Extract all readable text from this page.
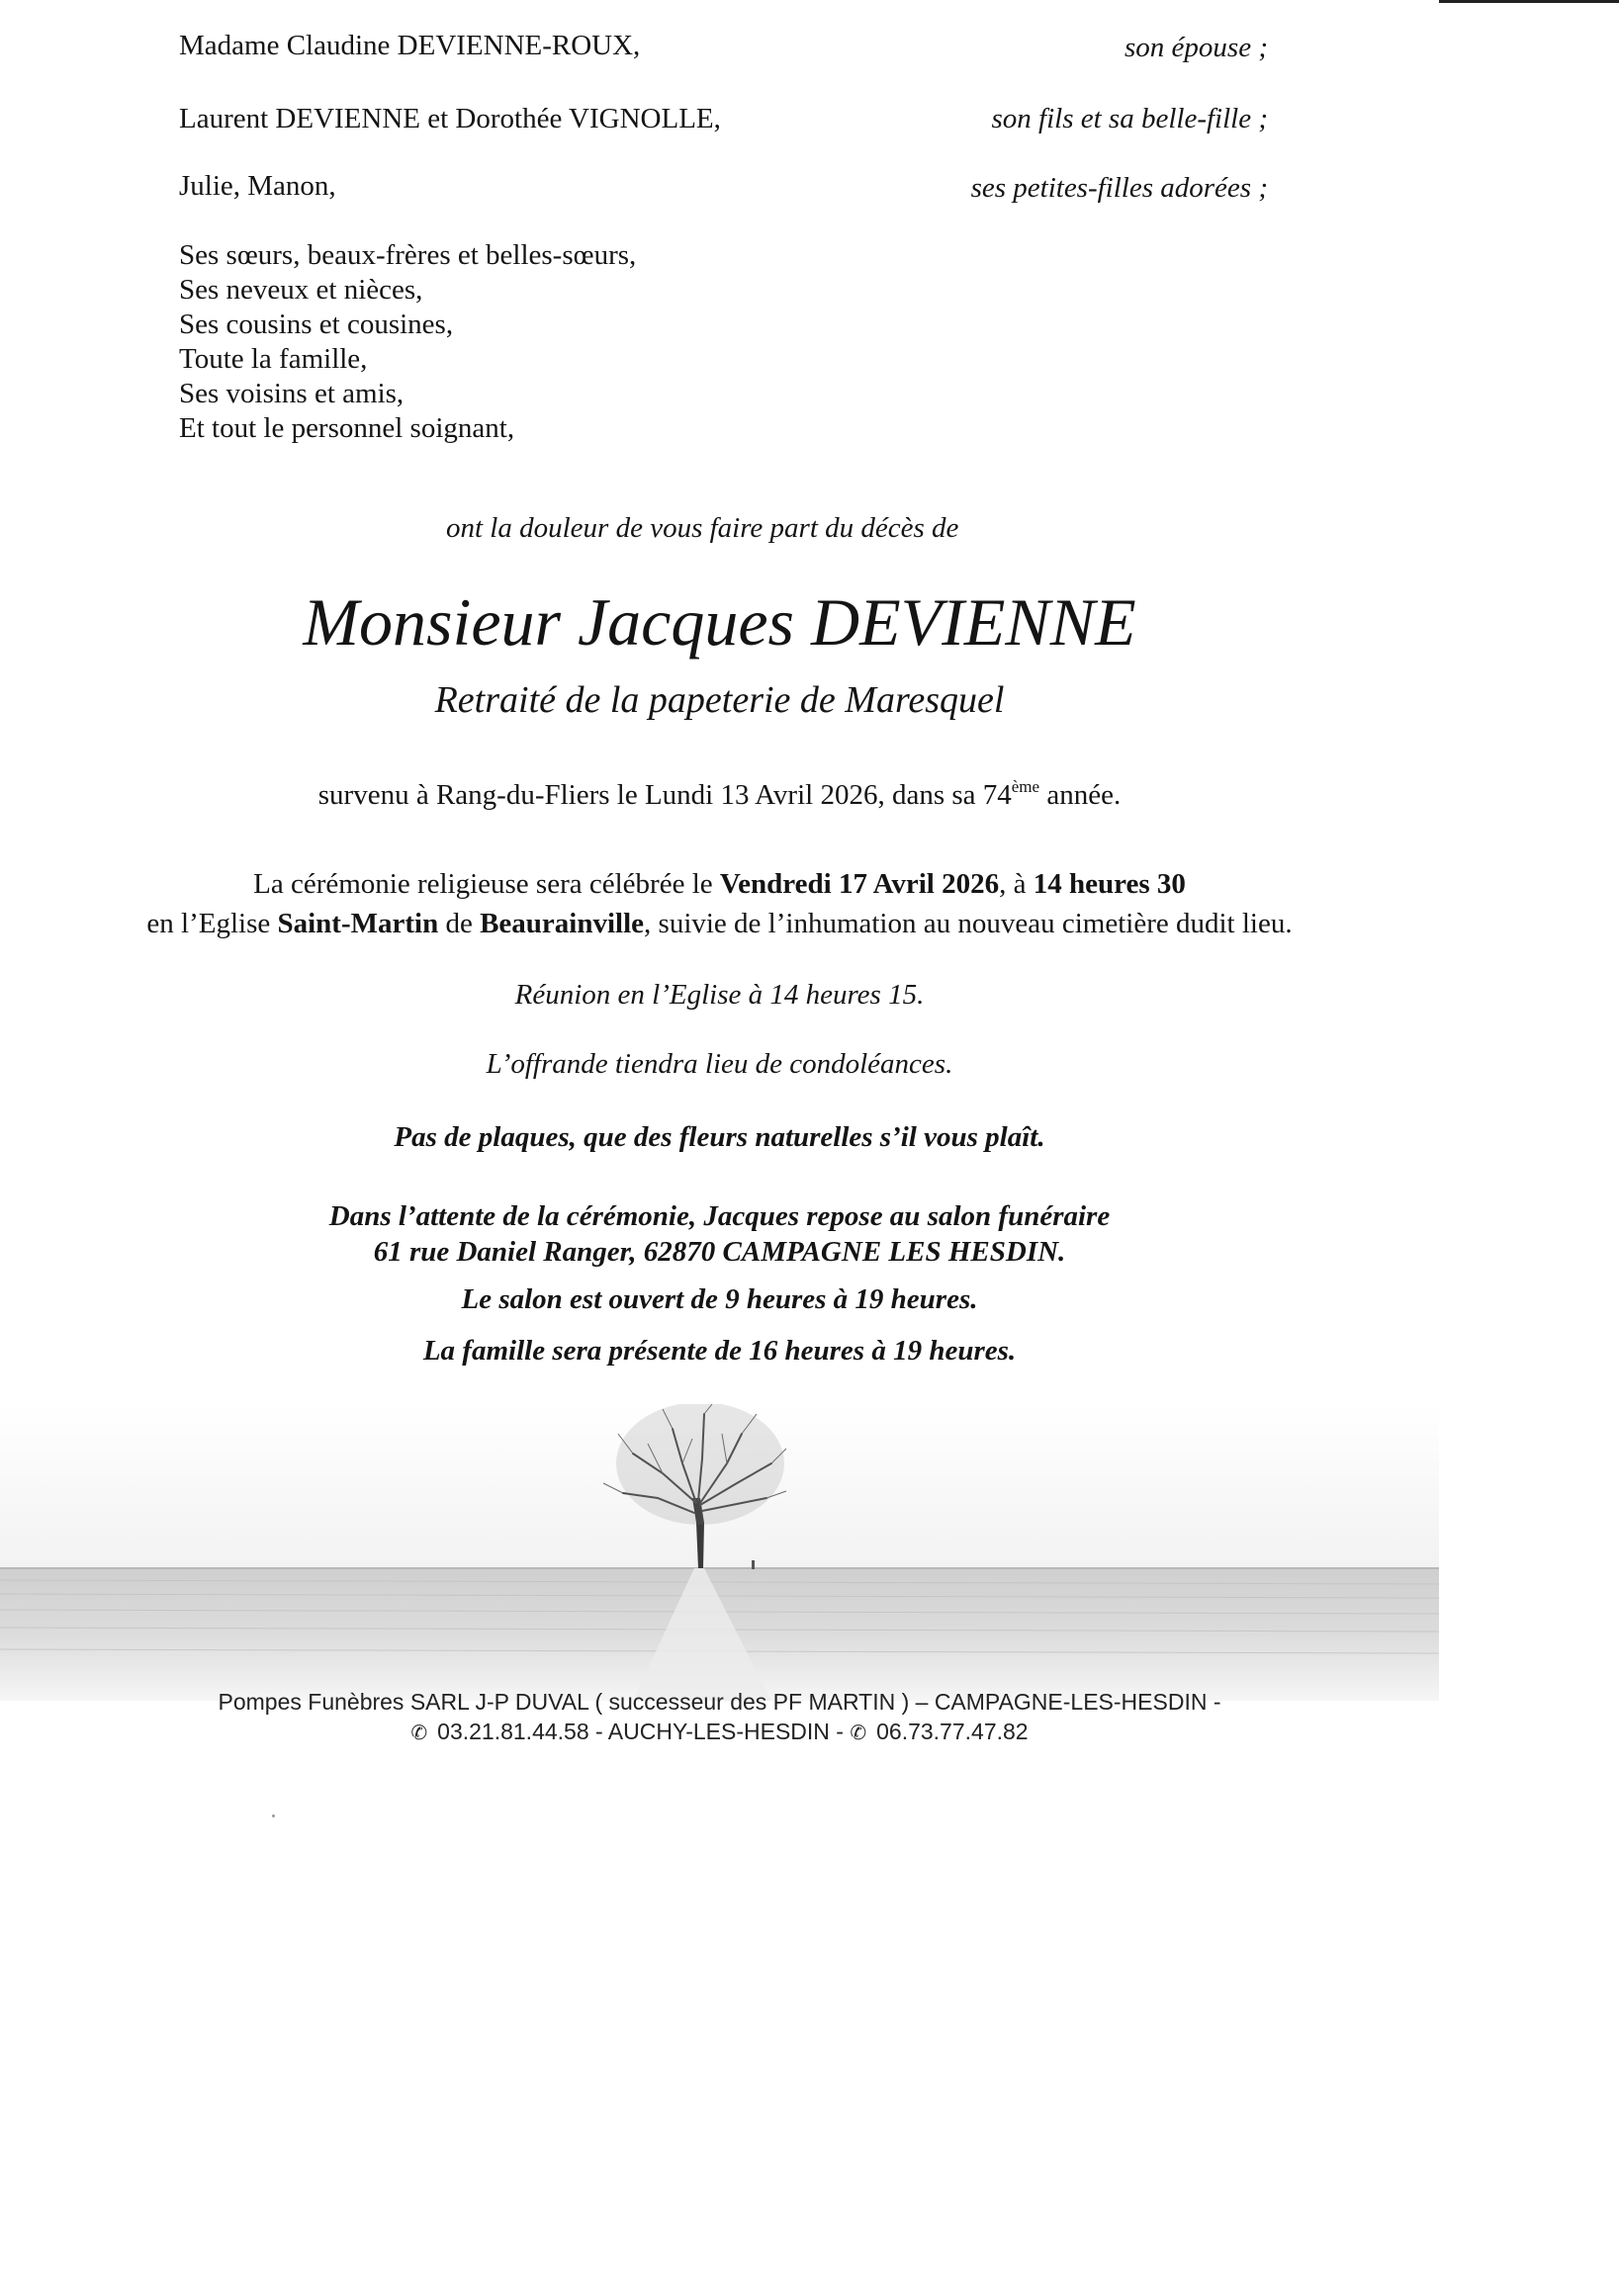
Madame Claudine DEVIENNE-ROUX,	son épouse ;
Laurent DEVIENNE et Dorothée VIGNOLLE,	son fils et sa belle-fille ;
Julie, Manon,	ses petites-filles adorées ;
Ses sœurs, beaux-frères et belles-sœurs,
Ses neveux et nièces,
Ses cousins et cousines,
Toute la famille,
Ses voisins et amis,
Et tout le personnel soignant,
ont la douleur de vous faire part du décès de
Monsieur Jacques DEVIENNE
Retraité de la papeterie de Maresquel
survenu à Rang-du-Fliers le Lundi 13 Avril 2026, dans sa 74ème année.
La cérémonie religieuse sera célébrée le Vendredi 17 Avril 2026, à 14 heures 30
en l’Eglise Saint-Martin de Beaurainville, suivie de l’inhumation au nouveau cimetière dudit lieu.
Réunion en l’Eglise à 14 heures 15.
L’offrande tiendra lieu de condoléances.
Pas de plaques, que des fleurs naturelles s’il vous plaît.
Dans l’attente de la cérémonie, Jacques repose au salon funéraire
61 rue Daniel Ranger, 62870 CAMPAGNE LES HESDIN.
Le salon est ouvert de 9 heures à 19 heures.
La famille sera présente de 16 heures à 19 heures.
Pompes Funèbres SARL J-P DUVAL ( successeur des PF MARTIN ) – CAMPAGNE-LES-HESDIN -
✆ 03.21.81.44.58 - AUCHY-LES-HESDIN - ✆ 06.73.77.47.82
